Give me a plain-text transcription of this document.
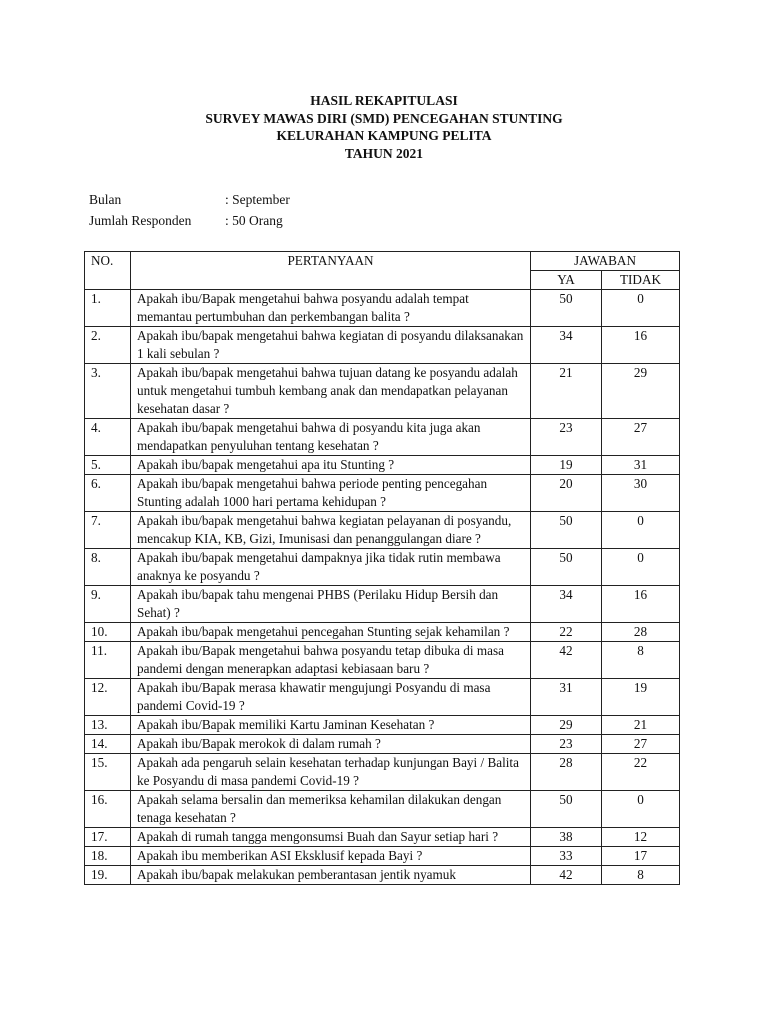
HASIL REKAPITULASI
SURVEY MAWAS DIRI (SMD) PENCEGAHAN STUNTING
KELURAHAN KAMPUNG PELITA
TAHUN 2021
Bulan	: September
Jumlah Responden	: 50 Orang
NO.	PERTANYAAN	JAWABAN	
		YA	TIDAK
1.	Apakah ibu/Bapak mengetahui bahwa posyandu adalah tempat memantau pertumbuhan dan perkembangan balita ?	50	0
2.	Apakah ibu/bapak mengetahui bahwa kegiatan di posyandu dilaksanakan 1 kali sebulan ?	34	16
3.	Apakah ibu/bapak mengetahui bahwa tujuan datang ke posyandu adalah untuk mengetahui tumbuh kembang anak dan mendapatkan pelayanan kesehatan dasar ?	21	29
4.	Apakah ibu/bapak mengetahui bahwa di posyandu kita juga akan mendapatkan penyuluhan tentang kesehatan ?	23	27
5.	Apakah ibu/bapak mengetahui apa itu Stunting ?	19	31
6.	Apakah ibu/bapak mengetahui bahwa periode penting pencegahan Stunting adalah 1000 hari pertama kehidupan ?	20	30
7.	Apakah ibu/bapak mengetahui bahwa kegiatan pelayanan di posyandu, mencakup KIA, KB, Gizi, Imunisasi dan penanggulangan diare ?	50	0
8.	Apakah ibu/bapak mengetahui dampaknya jika tidak rutin membawa anaknya ke posyandu ?	50	0
9.	Apakah ibu/bapak tahu mengenai PHBS (Perilaku Hidup Bersih dan Sehat) ?	34	16
10.	Apakah ibu/bapak mengetahui pencegahan Stunting sejak kehamilan ?	22	28
11.	Apakah ibu/Bapak mengetahui bahwa posyandu tetap dibuka di masa pandemi dengan menerapkan adaptasi kebiasaan baru ?	42	8
12.	Apakah ibu/Bapak merasa khawatir mengujungi Posyandu di masa pandemi Covid-19 ?	31	19
13.	Apakah ibu/Bapak memiliki Kartu Jaminan Kesehatan ?	29	21
14.	Apakah ibu/Bapak merokok di dalam rumah ?	23	27
15.	Apakah ada pengaruh selain kesehatan terhadap kunjungan Bayi / Balita ke Posyandu di masa pandemi Covid-19 ?	28	22
16.	Apakah selama bersalin dan memeriksa kehamilan dilakukan dengan tenaga kesehatan ?	50	0
17.	Apakah di rumah tangga mengonsumsi Buah dan Sayur setiap hari ?	38	12
18.	Apakah ibu memberikan ASI Eksklusif kepada Bayi ?	33	17
19.	Apakah ibu/bapak melakukan pemberantasan jentik nyamuk	42	8
